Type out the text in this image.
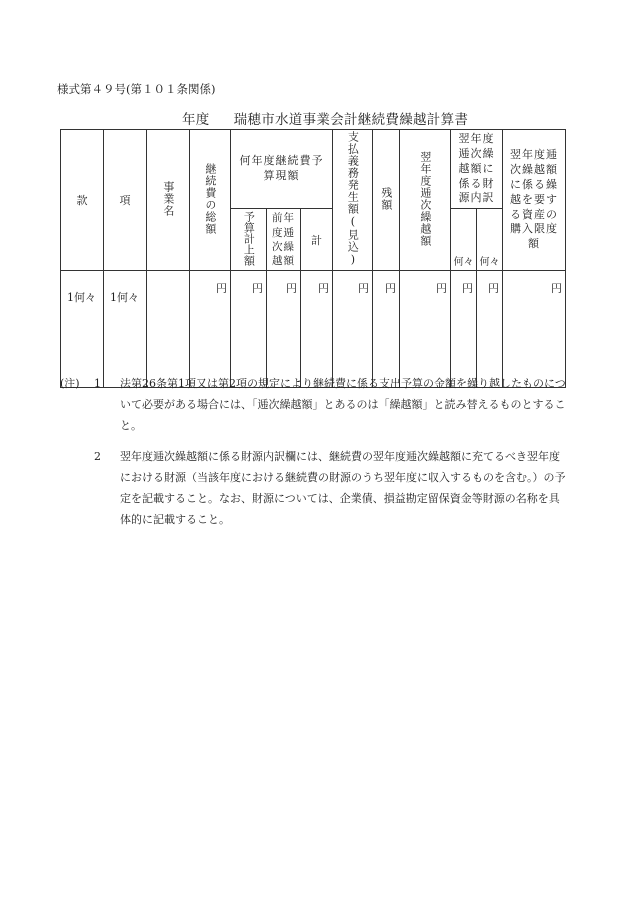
様式第４９号(第１０１条関係)
年度 瑞穂市水道事業会計継続費繰越計算書
款	項	事業名	継続費の総額	何年度継続費予算現額			支払義務発生額(見込)	残額	翌年度逓次繰越額	翌年度逓次繰越額に係る財源内訳		翌年度逓次繰越額に係る繰越を要する資産の購入限度額

				予算計上額	前年度逓次繰越額	計				何々	何々	
1何々	1何々		円	円	円	円	円	円	円	円	円	円
(注)	1	法第26条第1項又は第2項の規定により継続費に係る支出予算の金額を繰り越したものについて必要がある場合には、「逓次繰越額」とあるのは「繰越額」と読み替えるものとすること。
2	翌年度逓次繰越額に係る財源内訳欄には、継続費の翌年度逓次繰越額に充てるべき翌年度における財源（当該年度における継続費の財源のうち翌年度に収入するものを含む。）の予定を記載すること。なお、財源については、企業債、損益勘定留保資金等財源の名称を具体的に記載すること。
